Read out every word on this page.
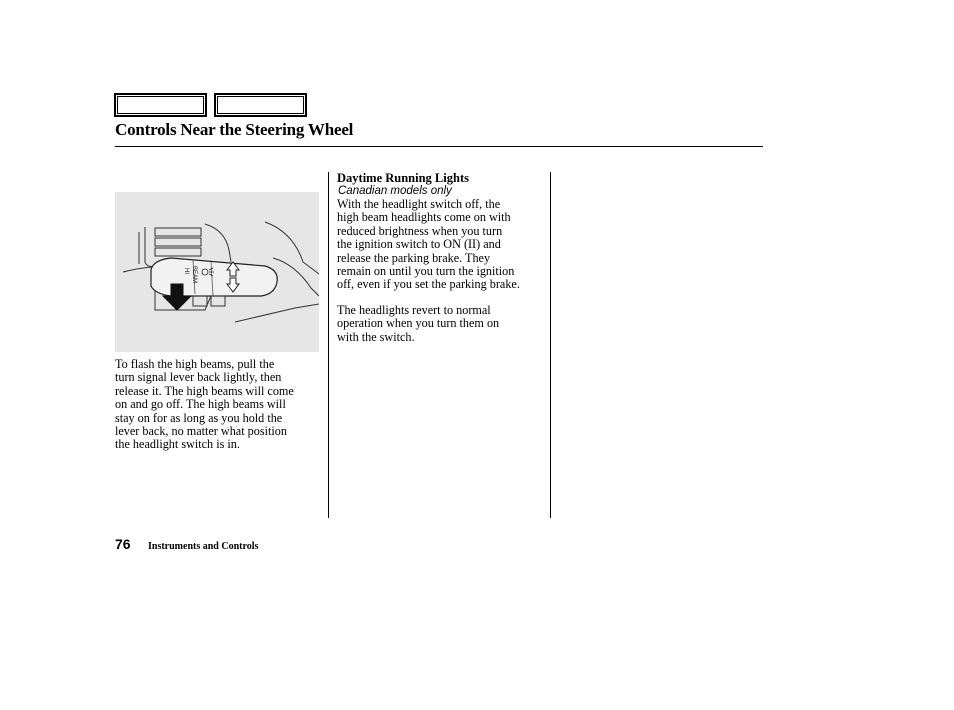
Controls Near the Steering Wheel
HI BEAM
To flash the high beams, pull the
turn signal lever back lightly, then
release it. The high beams will come
on and go off. The high beams will
stay on for as long as you hold the
lever back, no matter what position
the headlight switch is in.
Daytime Running Lights
Canadian models only
With the headlight switch off, the
high beam headlights come on with
reduced brightness when you turn
the ignition switch to ON (II) and
release the parking brake. They
remain on until you turn the ignition
off, even if you set the parking brake.
The headlights revert to normal
operation when you turn them on
with the switch.
76 Instruments and Controls
